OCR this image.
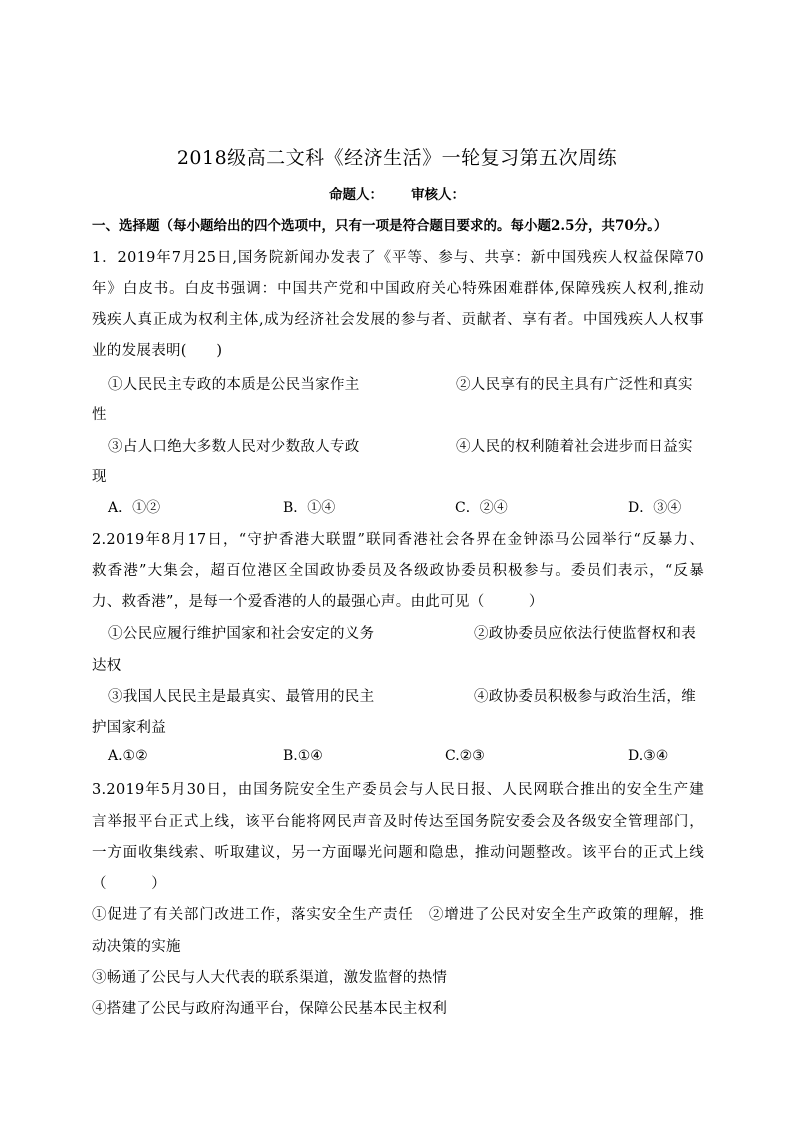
2018级高二文科《经济生活》一轮复习第五次周练
命题人： 审核人：
一、选择题（每小题给出的四个选项中，只有一项是符合题目要求的。每小题2.5分，共70分。）
1．2019年7月25日,国务院新闻办发表了《平等、参与、共享：新中国残疾人权益保障70
年》白皮书。白皮书强调：中国共产党和中国政府关心特殊困难群体,保障残疾人权利,推动
残疾人真正成为权利主体,成为经济社会发展的参与者、贡献者、享有者。中国残疾人人权事
业的发展表明(　　)
①人民民主专政的本质是公民当家作主	②人民享有的民主具有广泛性和真实
性
③占人口绝大多数人民对少数敌人专政	④人民的权利随着社会进步而日益实
现
A．①②	B．①④	C．②④	D．③④
2.2019年8月17日，“守护香港大联盟”联同香港社会各界在金钟添马公园举行“反暴力、
救香港”大集会，超百位港区全国政协委员及各级政协委员积极参与。委员们表示，“反暴
力、救香港”，是每一个爱香港的人的最强心声。由此可见（　　　）
①公民应履行维护国家和社会安定的义务	②政协委员应依法行使监督权和表
达权
③我国人民民主是最真实、最管用的民主	④政协委员积极参与政治生活，维
护国家利益
A.①②	B.①④	C.②③	D.③④
3.2019年5月30日，由国务院安全生产委员会与人民日报、人民网联合推出的安全生产建
言举报平台正式上线，该平台能将网民声音及时传达至国务院安委会及各级安全管理部门，
一方面收集线索、听取建议，另一方面曝光问题和隐患，推动问题整改。该平台的正式上线
（　　　）
①促进了有关部门改进工作，落实安全生产责任　②增进了公民对安全生产政策的理解，推
动决策的实施
③畅通了公民与人大代表的联系渠道，激发监督的热情
④搭建了公民与政府沟通平台，保障公民基本民主权利
